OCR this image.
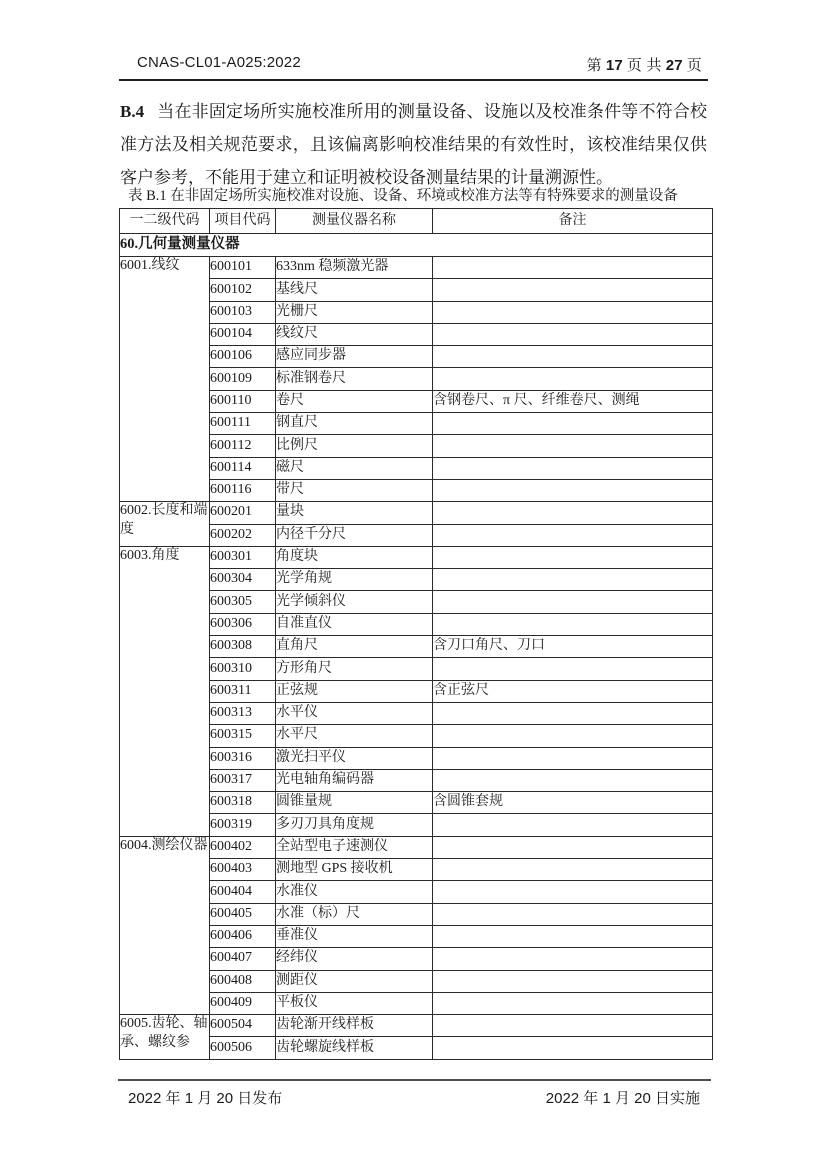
CNAS-CL01-A025:2022	第 17 页 共 27 页

B.4 当在非固定场所实施校准所用的测量设备、设施以及校准条件等不符合校准方法及相关规范要求，且该偏离影响校准结果的有效性时，该校准结果仅供客户参考，不能用于建立和证明被校设备测量结果的计量溯源性。

表 B.1 在非固定场所实施校准对设施、设备、环境或校准方法等有特殊要求的测量设备
一二级代码	项目代码	测量仪器名称	备注
60.几何量测量仪器			
6001.线纹	600101	633nm 稳频激光器	
	600102	基线尺	
	600103	光栅尺	
	600104	线纹尺	
	600106	感应同步器	
	600109	标准钢卷尺	
	600110	卷尺	含钢卷尺、π 尺、纤维卷尺、测绳
	600111	钢直尺	
	600112	比例尺	
	600114	磁尺	
	600116	带尺	
6002.长度和端度	600201	量块	
	600202	内径千分尺	
6003.角度	600301	角度块	
	600304	光学角规	
	600305	光学倾斜仪	
	600306	自准直仪	
	600308	直角尺	含刀口角尺、刀口
	600310	方形角尺	
	600311	正弦规	含正弦尺
	600313	水平仪	
	600315	水平尺	
	600316	激光扫平仪	
	600317	光电轴角编码器	
	600318	圆锥量规	含圆锥套规
	600319	多刃刀具角度规	
6004.测绘仪器	600402	全站型电子速测仪	
	600403	测地型 GPS 接收机	
	600404	水准仪	
	600405	水准（标）尺	
	600406	垂准仪	
	600407	经纬仪	
	600408	测距仪	
	600409	平板仪	
6005.齿轮、轴承、螺纹参	600504	齿轮渐开线样板	
	600506	齿轮螺旋线样板	
2022 年 1 月 20 日发布	2022 年 1 月 20 日实施
